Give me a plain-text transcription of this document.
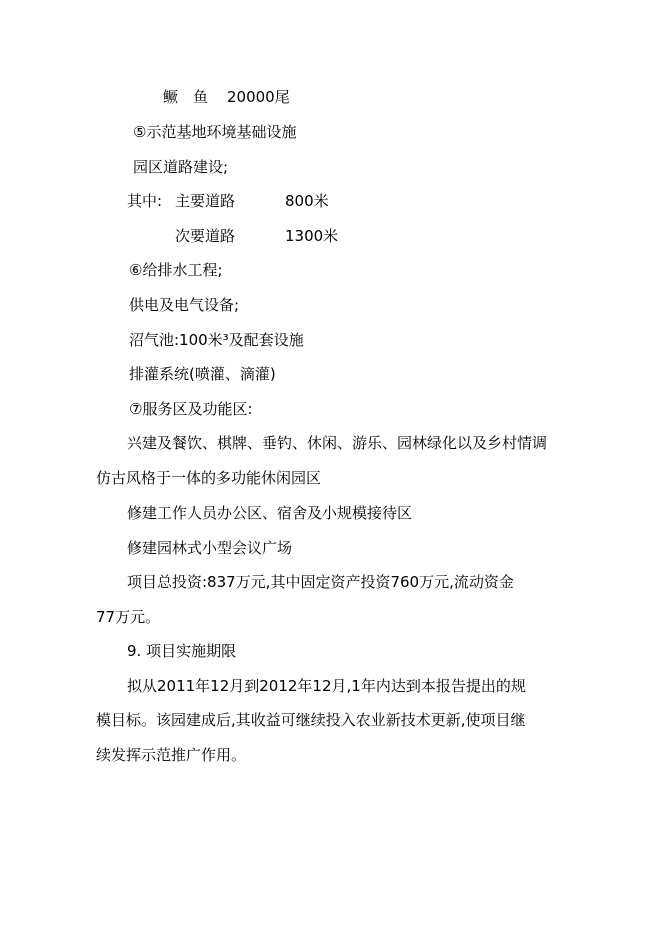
鳜　鱼 20000尾
⑤示范基地环境基础设施
园区道路建设;
其中: 主要道路	800米
次要道路	1300米
⑥给排水工程;
供电及电气设备;
沼气池:100米³及配套设施
排灌系统(喷灌、滴灌)
⑦服务区及功能区:
兴建及餐饮、棋牌、垂钓、休闲、游乐、园林绿化以及乡村情调
仿古风格于一体的多功能休闲园区
修建工作人员办公区、宿舍及小规模接待区
修建园林式小型会议广场
项目总投资:837万元,其中固定资产投资760万元,流动资金
77万元。
9. 项目实施期限
拟从2011年12月到2012年12月,1年内达到本报告提出的规
模目标。该园建成后,其收益可继续投入农业新技术更新,使项目继
续发挥示范推广作用。
